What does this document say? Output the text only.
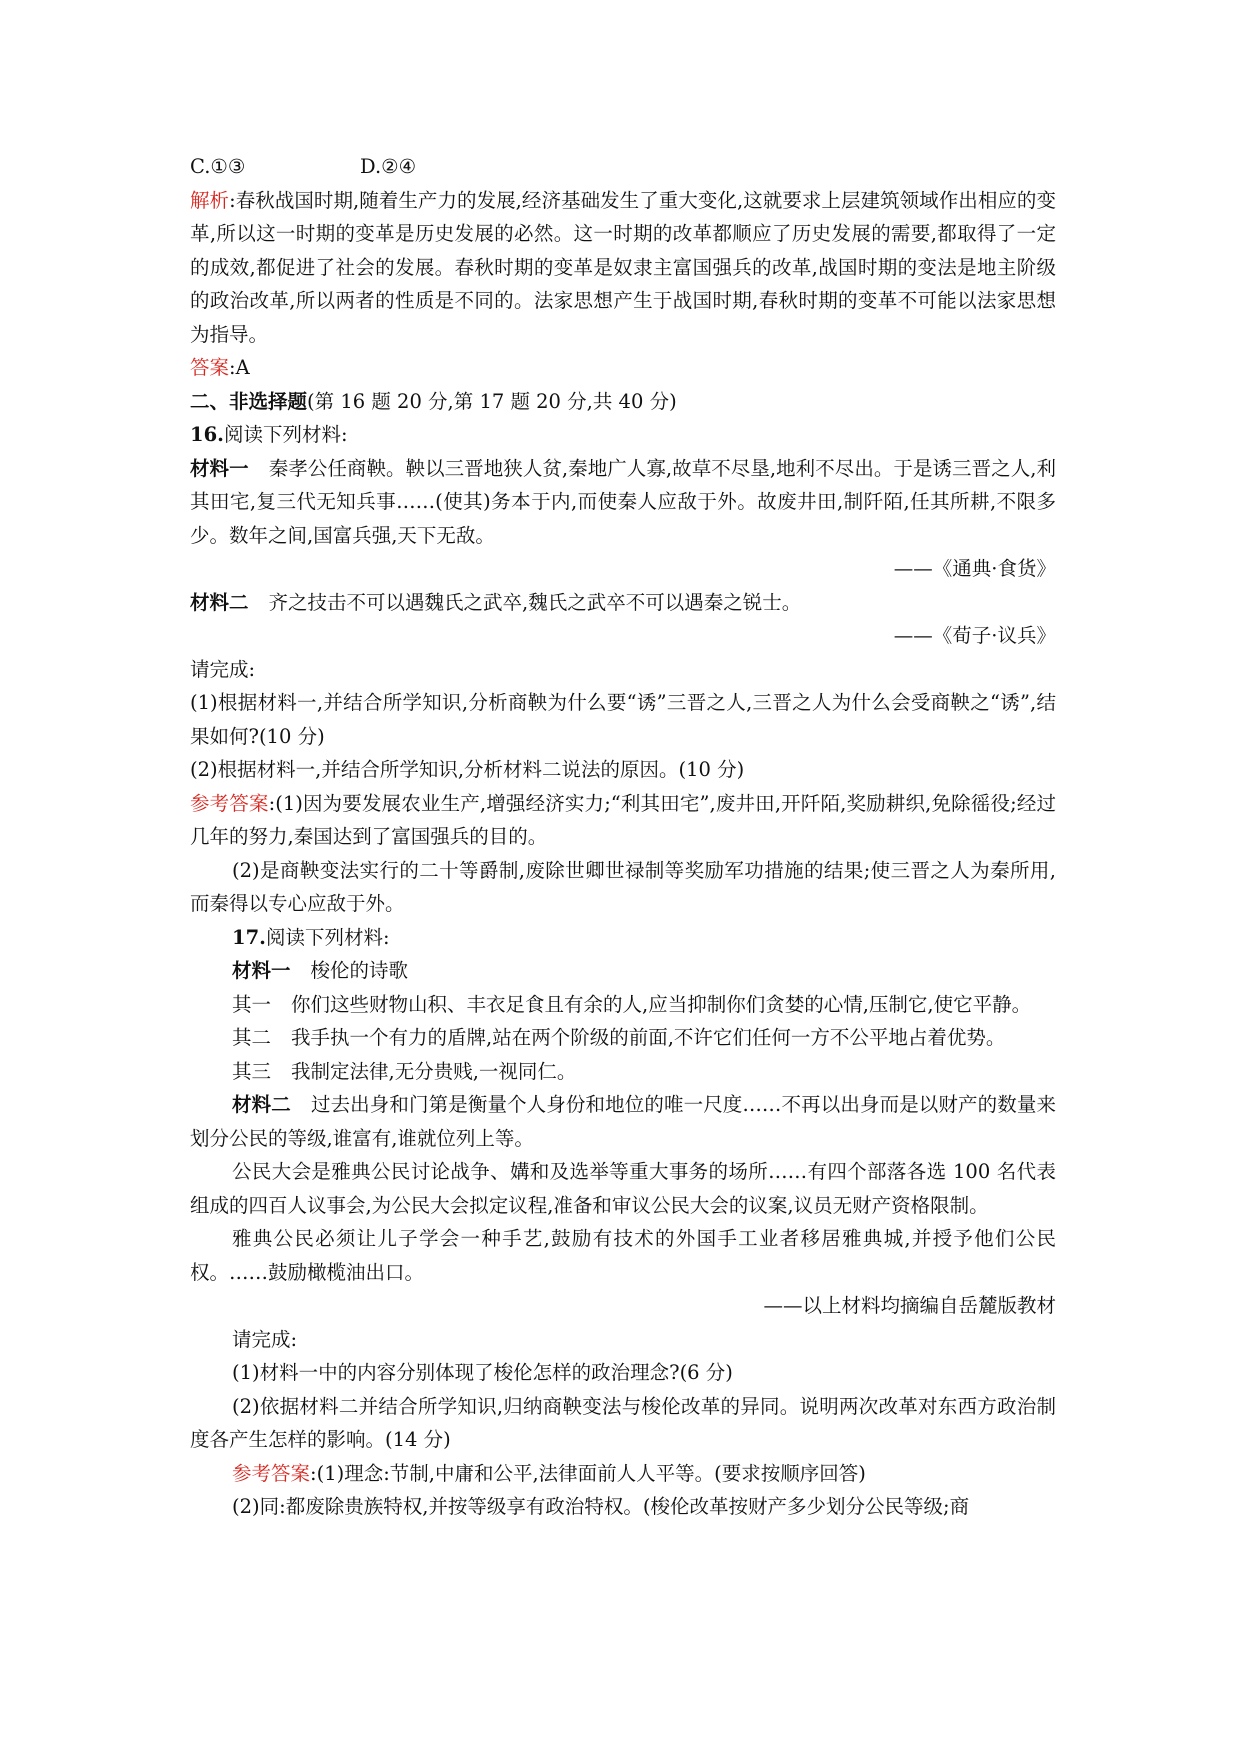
C.①③	D.②④

解析:春秋战国时期,随着生产力的发展,经济基础发生了重大变化,这就要求上层建筑领域作出相应的变革,所以这一时期的变革是历史发展的必然。这一时期的改革都顺应了历史发展的需要,都取得了一定的成效,都促进了社会的发展。春秋时期的变革是奴隶主富国强兵的改革,战国时期的变法是地主阶级的政治改革,所以两者的性质是不同的。法家思想产生于战国时期,春秋时期的变革不可能以法家思想为指导。

答案:A

二、非选择题(第 16 题 20 分,第 17 题 20 分,共 40 分)

16.阅读下列材料:

材料一 秦孝公任商鞅。鞅以三晋地狭人贫,秦地广人寡,故草不尽垦,地利不尽出。于是诱三晋之人,利其田宅,复三代无知兵事……(使其)务本于内,而使秦人应敌于外。故废井田,制阡陌,任其所耕,不限多少。数年之间,国富兵强,天下无敌。

——《通典·食货》

材料二 齐之技击不可以遇魏氏之武卒,魏氏之武卒不可以遇秦之锐士。

——《荀子·议兵》

请完成:

(1)根据材料一,并结合所学知识,分析商鞅为什么要“诱”三晋之人,三晋之人为什么会受商鞅之“诱”,结果如何?(10 分)

(2)根据材料一,并结合所学知识,分析材料二说法的原因。(10 分)

参考答案:(1)因为要发展农业生产,增强经济实力;“利其田宅”,废井田,开阡陌,奖励耕织,免除徭役;经过几年的努力,秦国达到了富国强兵的目的。

(2)是商鞅变法实行的二十等爵制,废除世卿世禄制等奖励军功措施的结果;使三晋之人为秦所用,而秦得以专心应敌于外。

17.阅读下列材料:

材料一 梭伦的诗歌

其一 你们这些财物山积、丰衣足食且有余的人,应当抑制你们贪婪的心情,压制它,使它平静。

其二 我手执一个有力的盾牌,站在两个阶级的前面,不许它们任何一方不公平地占着优势。

其三 我制定法律,无分贵贱,一视同仁。

材料二 过去出身和门第是衡量个人身份和地位的唯一尺度……不再以出身而是以财产的数量来划分公民的等级,谁富有,谁就位列上等。

公民大会是雅典公民讨论战争、媾和及选举等重大事务的场所……有四个部落各选 100 名代表组成的四百人议事会,为公民大会拟定议程,准备和审议公民大会的议案,议员无财产资格限制。

雅典公民必须让儿子学会一种手艺,鼓励有技术的外国手工业者移居雅典城,并授予他们公民权。……鼓励橄榄油出口。

——以上材料均摘编自岳麓版教材

请完成:

(1)材料一中的内容分别体现了梭伦怎样的政治理念?(6 分)

(2)依据材料二并结合所学知识,归纳商鞅变法与梭伦改革的异同。说明两次改革对东西方政治制度各产生怎样的影响。(14 分)

参考答案:(1)理念:节制,中庸和公平,法律面前人人平等。(要求按顺序回答)

(2)同:都废除贵族特权,并按等级享有政治特权。(梭伦改革按财产多少划分公民等级;商
